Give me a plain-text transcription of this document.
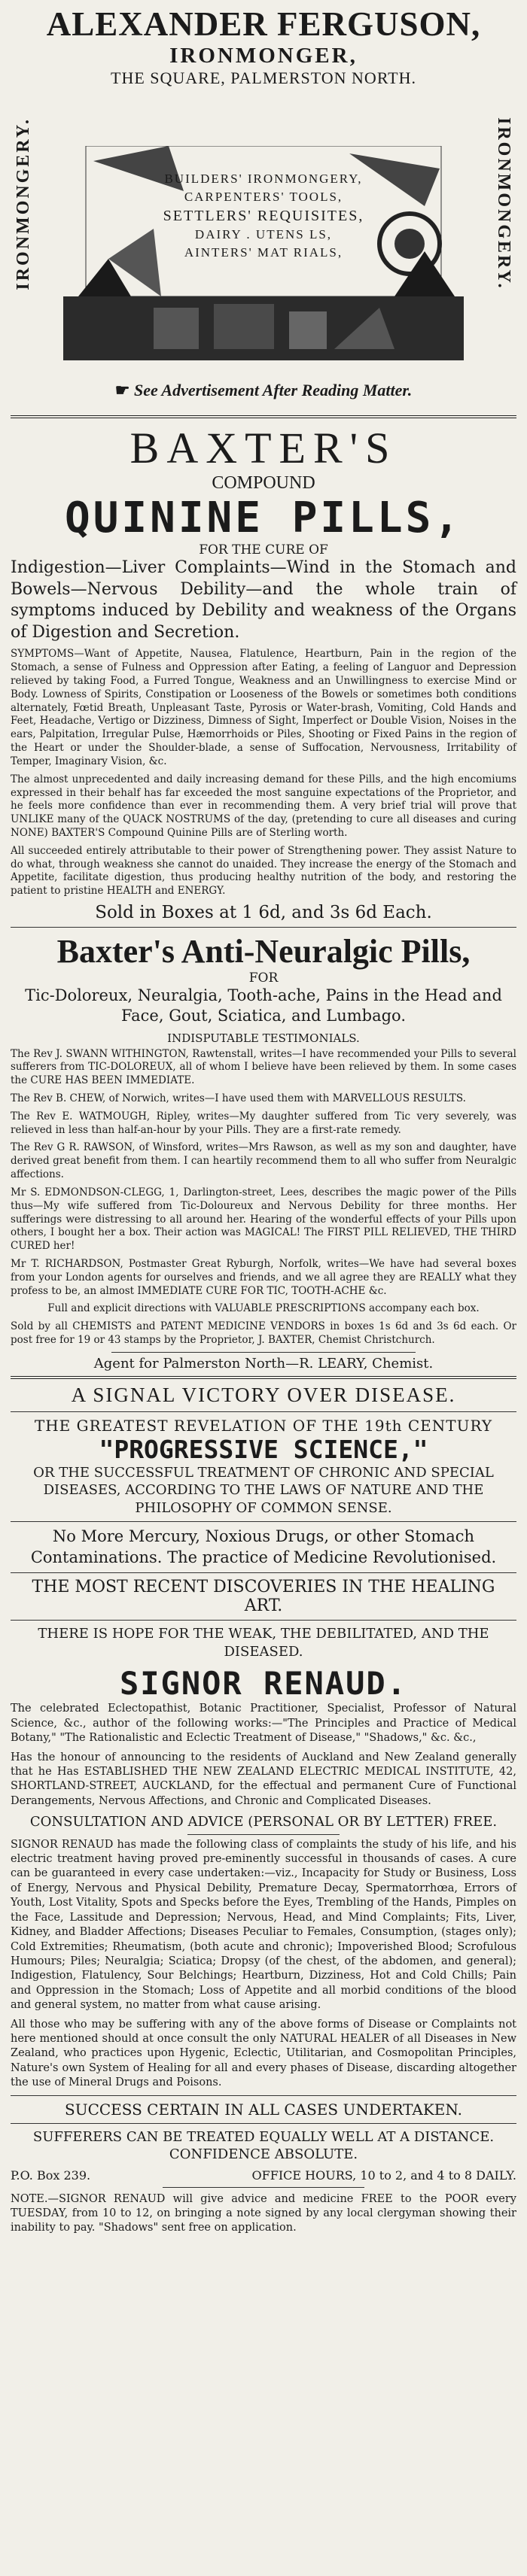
ALEXANDER FERGUSON,
IRONMONGER,
THE SQUARE, PALMERSTON NORTH.
IRONMONGERY.	IRONMONGERY.
BUILDERS' IRONMONGERY,
CARPENTERS' TOOLS,
SETTLERS' REQUISITES,
DAIRY . UTENS LS,
AINTERS' MAT RIALS,
☛ See Advertisement After Reading Matter.
BAXTER'S
COMPOUND
QUININE PILLS,
FOR THE CURE OF

Indigestion—Liver Complaints—Wind in the Stomach and Bowels—Nervous Debility—and the whole train of symptoms induced by Debility and weakness of the Organs of Digestion and Secretion.

SYMPTOMS—Want of Appetite, Nausea, Flatulence, Heartburn, Pain in the region of the Stomach, a sense of Fulness and Oppression after Eating, a feeling of Languor and Depression relieved by taking Food, a Furred Tongue, Weakness and an Unwillingness to exercise Mind or Body. Lowness of Spirits, Constipation or Looseness of the Bowels or sometimes both conditions alternately, Fœtid Breath, Unpleasant Taste, Pyrosis or Water-brash, Vomiting, Cold Hands and Feet, Headache, Vertigo or Dizziness, Dimness of Sight, Imperfect or Double Vision, Noises in the ears, Palpitation, Irregular Pulse, Hæmorrhoids or Piles, Shooting or Fixed Pains in the region of the Heart or under the Shoulder-blade, a sense of Suffocation, Nervousness, Irritability of Temper, Imaginary Vision, &c.

The almost unprecedented and daily increasing demand for these Pills, and the high encomiums expressed in their behalf has far exceeded the most sanguine expectations of the Proprietor, and he feels more confidence than ever in recommending them. A very brief trial will prove that UNLIKE many of the QUACK NOSTRUMS of the day, (pretending to cure all diseases and curing NONE) BAXTER'S Compound Quinine Pills are of Sterling worth.

All succeeded entirely attributable to their power of Strengthening power. They assist Nature to do what, through weakness she cannot do unaided. They increase the energy of the Stomach and Appetite, facilitate digestion, thus producing healthy nutrition of the body, and restoring the patient to pristine HEALTH and ENERGY.

Sold in Boxes at 1 6d, and 3s 6d Each.
Baxter's Anti-Neuralgic Pills,
FOR

Tic-Doloreux, Neuralgia, Tooth-ache, Pains in the Head and Face, Gout, Sciatica, and Lumbago.

INDISPUTABLE TESTIMONIALS.

The Rev J. SWANN WITHINGTON, Rawtenstall, writes—I have recommended your Pills to several sufferers from TIC-DOLOREUX, all of whom I believe have been relieved by them. In some cases the CURE HAS BEEN IMMEDIATE.

The Rev B. CHEW, of Norwich, writes—I have used them with MARVELLOUS RESULTS.

The Rev E. WATMOUGH, Ripley, writes—My daughter suffered from Tic very severely, was relieved in less than half-an-hour by your Pills. They are a first-rate remedy.

The Rev G R. RAWSON, of Winsford, writes—Mrs Rawson, as well as my son and daughter, have derived great benefit from them. I can heartily recommend them to all who suffer from Neuralgic affections.

Mr S. EDMONDSON-CLEGG, 1, Darlington-street, Lees, describes the magic power of the Pills thus—My wife suffered from Tic-Doloureux and Nervous Debility for three months. Her sufferings were distressing to all around her. Hearing of the wonderful effects of your Pills upon others, I bought her a box. Their action was MAGICAL! The FIRST PILL RELIEVED, THE THIRD CURED her!

Mr T. RICHARDSON, Postmaster Great Ryburgh, Norfolk, writes—We have had several boxes from your London agents for ourselves and friends, and we all agree they are REALLY what they profess to be, an almost IMMEDIATE CURE FOR TIC, TOOTH-ACHE &c.

Full and explicit directions with VALUABLE PRESCRIPTIONS accompany each box.

Sold by all CHEMISTS and PATENT MEDICINE VENDORS in boxes 1s 6d and 3s 6d each. Or post free for 19 or 43 stamps by the Proprietor, J. BAXTER, Chemist Christchurch.

Agent for Palmerston North—R. LEARY, Chemist.
A SIGNAL VICTORY OVER DISEASE.
THE GREATEST REVELATION OF THE 19th CENTURY
"PROGRESSIVE SCIENCE,"

OR THE SUCCESSFUL TREATMENT OF CHRONIC AND SPECIAL DISEASES, ACCORDING TO THE LAWS OF NATURE AND THE PHILOSOPHY OF COMMON SENSE.

No More Mercury, Noxious Drugs, or other Stomach Contaminations. The practice of Medicine Revolutionised.

THE MOST RECENT DISCOVERIES IN THE HEALING ART.

THERE IS HOPE FOR THE WEAK, THE DEBILITATED, AND THE DISEASED.

SIGNOR RENAUD.

The celebrated Eclectopathist, Botanic Practitioner, Specialist, Professor of Natural Science, &c., author of the following works:—"The Principles and Practice of Medical Botany," "The Rationalistic and Eclectic Treatment of Disease," "Shadows," &c. &c.,

Has the honour of announcing to the residents of Auckland and New Zealand generally that he Has ESTABLISHED THE NEW ZEALAND ELECTRIC MEDICAL INSTITUTE, 42, SHORTLAND-STREET, AUCKLAND, for the effectual and permanent Cure of Functional Derangements, Nervous Affections, and Chronic and Complicated Diseases.

CONSULTATION AND ADVICE (PERSONAL OR BY LETTER) FREE.

SIGNOR RENAUD has made the following class of complaints the study of his life, and his electric treatment having proved pre-eminently successful in thousands of cases. A cure can be guaranteed in every case undertaken:—viz., Incapacity for Study or Business, Loss of Energy, Nervous and Physical Debility, Premature Decay, Spermatorrhœa, Errors of Youth, Lost Vitality, Spots and Specks before the Eyes, Trembling of the Hands, Pimples on the Face, Lassitude and Depression; Nervous, Head, and Mind Complaints; Fits, Liver, Kidney, and Bladder Affections; Diseases Peculiar to Females, Consumption, (stages only); Cold Extremities; Rheumatism, (both acute and chronic); Impoverished Blood; Scrofulous Humours; Piles; Neuralgia; Sciatica; Dropsy (of the chest, of the abdomen, and general); Indigestion, Flatulency, Sour Belchings; Heartburn, Dizziness, Hot and Cold Chills; Pain and Oppression in the Stomach; Loss of Appetite and all morbid conditions of the blood and general system, no matter from what cause arising.

All those who may be suffering with any of the above forms of Disease or Complaints not here mentioned should at once consult the only NATURAL HEALER of all Diseases in New Zealand, who practices upon Hygenic, Eclectic, Utilitarian, and Cosmopolitan Principles, Nature's own System of Healing for all and every phases of Disease, discarding altogether the use of Mineral Drugs and Poisons.

SUCCESS CERTAIN IN ALL CASES UNDERTAKEN.

SUFFERERS CAN BE TREATED EQUALLY WELL AT A DISTANCE. CONFIDENCE ABSOLUTE.

P.O. Box 239.	OFFICE HOURS, 10 to 2, and 4 to 8 DAILY.

NOTE.—SIGNOR RENAUD will give advice and medicine FREE to the POOR every TUESDAY, from 10 to 12, on bringing a note signed by any local clergyman showing their inability to pay. "Shadows" sent free on application.
